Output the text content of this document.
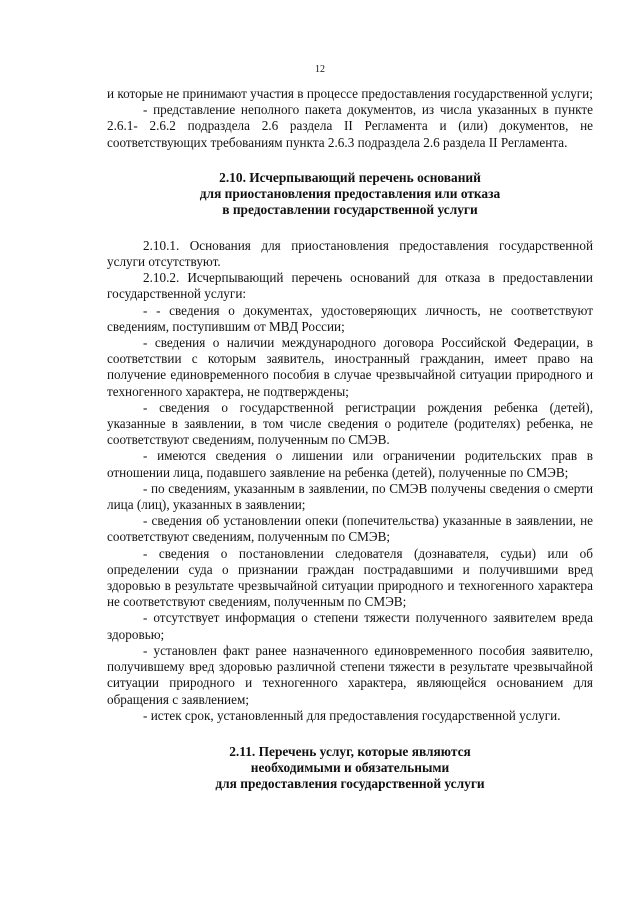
12

и которые не принимают участия в процессе предоставления государственной услуги;

- представление неполного пакета документов, из числа указанных в пункте 2.6.1- 2.6.2 подраздела 2.6 раздела II Регламента и (или) документов, не соответствующих требованиям пункта 2.6.3 подраздела 2.6 раздела II Регламента.

2.10. Исчерпывающий перечень оснований
для приостановления предоставления или отказа
в предоставлении государственной услуги

2.10.1. Основания для приостановления предоставления государственной услуги отсутствуют.

2.10.2. Исчерпывающий перечень оснований для отказа в предоставлении государственной услуги:

- - сведения о документах, удостоверяющих личность, не соответствуют сведениям, поступившим от МВД России;

- сведения о наличии международного договора Российской Федерации, в соответствии с которым заявитель, иностранный гражданин, имеет право на получение единовременного пособия в случае чрезвычайной ситуации природного и техногенного характера, не подтверждены;

- сведения о государственной регистрации рождения ребенка (детей), указанные в заявлении, в том числе сведения о родителе (родителях) ребенка, не соответствуют сведениям, полученным по СМЭВ.

- имеются сведения о лишении или ограничении родительских прав в отношении лица, подавшего заявление на ребенка (детей), полученные по СМЭВ;

- по сведениям, указанным в заявлении, по СМЭВ получены сведения о смерти лица (лиц), указанных в заявлении;

- сведения об установлении опеки (попечительства) указанные в заявлении, не соответствуют сведениям, полученным по СМЭВ;

- сведения о постановлении следователя (дознавателя, судьи) или об определении суда о признании граждан пострадавшими и получившими вред здоровью в результате чрезвычайной ситуации природного и техногенного характера не соответствуют сведениям, полученным по СМЭВ;

- отсутствует информация о степени тяжести полученного заявителем вреда здоровью;

- установлен факт ранее назначенного единовременного пособия заявителю, получившему вред здоровью различной степени тяжести в результате чрезвычайной ситуации природного и техногенного характера, являющейся основанием для обращения с заявлением;

- истек срок, установленный для предоставления государственной услуги.

2.11. Перечень услуг, которые являются
необходимыми и обязательными
для предоставления государственной услуги
